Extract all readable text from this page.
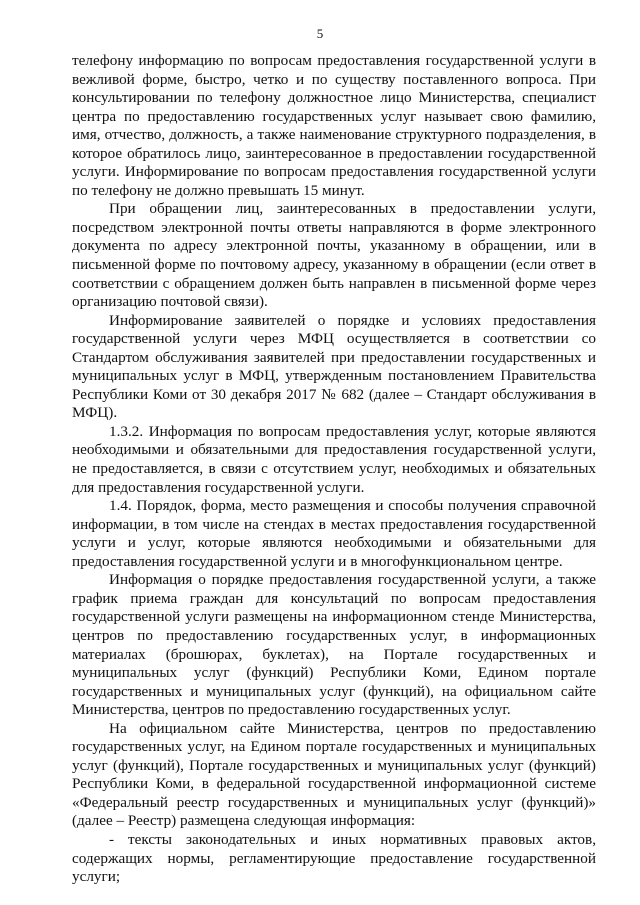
5

телефону информацию по вопросам предоставления государственной услуги в вежливой форме, быстро, четко и по существу поставленного вопроса. При консультировании по телефону должностное лицо Министерства, специалист центра по предоставлению государственных услуг называет свою фамилию, имя, отчество, должность, а также наименование структурного подразделения, в которое обратилось лицо, заинтересованное в предоставлении государственной услуги. Информирование по вопросам предоставления государственной услуги по телефону не должно превышать 15 минут.

При обращении лиц, заинтересованных в предоставлении услуги, посредством электронной почты ответы направляются в форме электронного документа по адресу электронной почты, указанному в обращении, или в письменной форме по почтовому адресу, указанному в обращении (если ответ в соответствии с обращением должен быть направлен в письменной форме через организацию почтовой связи).

Информирование заявителей о порядке и условиях предоставления государственной услуги через МФЦ осуществляется в соответствии со Стандартом обслуживания заявителей при предоставлении государственных и муниципальных услуг в МФЦ, утвержденным постановлением Правительства Республики Коми от 30 декабря 2017 № 682 (далее – Стандарт обслуживания в МФЦ).

1.3.2. Информация по вопросам предоставления услуг, которые являются необходимыми и обязательными для предоставления государственной услуги, не предоставляется, в связи с отсутствием услуг, необходимых и обязательных для предоставления государственной услуги.

1.4. Порядок, форма, место размещения и способы получения справочной информации, в том числе на стендах в местах предоставления государственной услуги и услуг, которые являются необходимыми и обязательными для предоставления государственной услуги и в многофункциональном центре.

Информация о порядке предоставления государственной услуги, а также график приема граждан для консультаций по вопросам предоставления государственной услуги размещены на информационном стенде Министерства, центров по предоставлению государственных услуг, в информационных материалах (брошюрах, буклетах), на Портале государственных и муниципальных услуг (функций) Республики Коми, Едином портале государственных и муниципальных услуг (функций), на официальном сайте Министерства, центров по предоставлению государственных услуг.

На официальном сайте Министерства, центров по предоставлению государственных услуг, на Едином портале государственных и муниципальных услуг (функций), Портале государственных и муниципальных услуг (функций) Республики Коми, в федеральной государственной информационной системе «Федеральный реестр государственных и муниципальных услуг (функций)» (далее – Реестр) размещена следующая информация:

- тексты законодательных и иных нормативных правовых актов, содержащих нормы, регламентирующие предоставление государственной услуги;
